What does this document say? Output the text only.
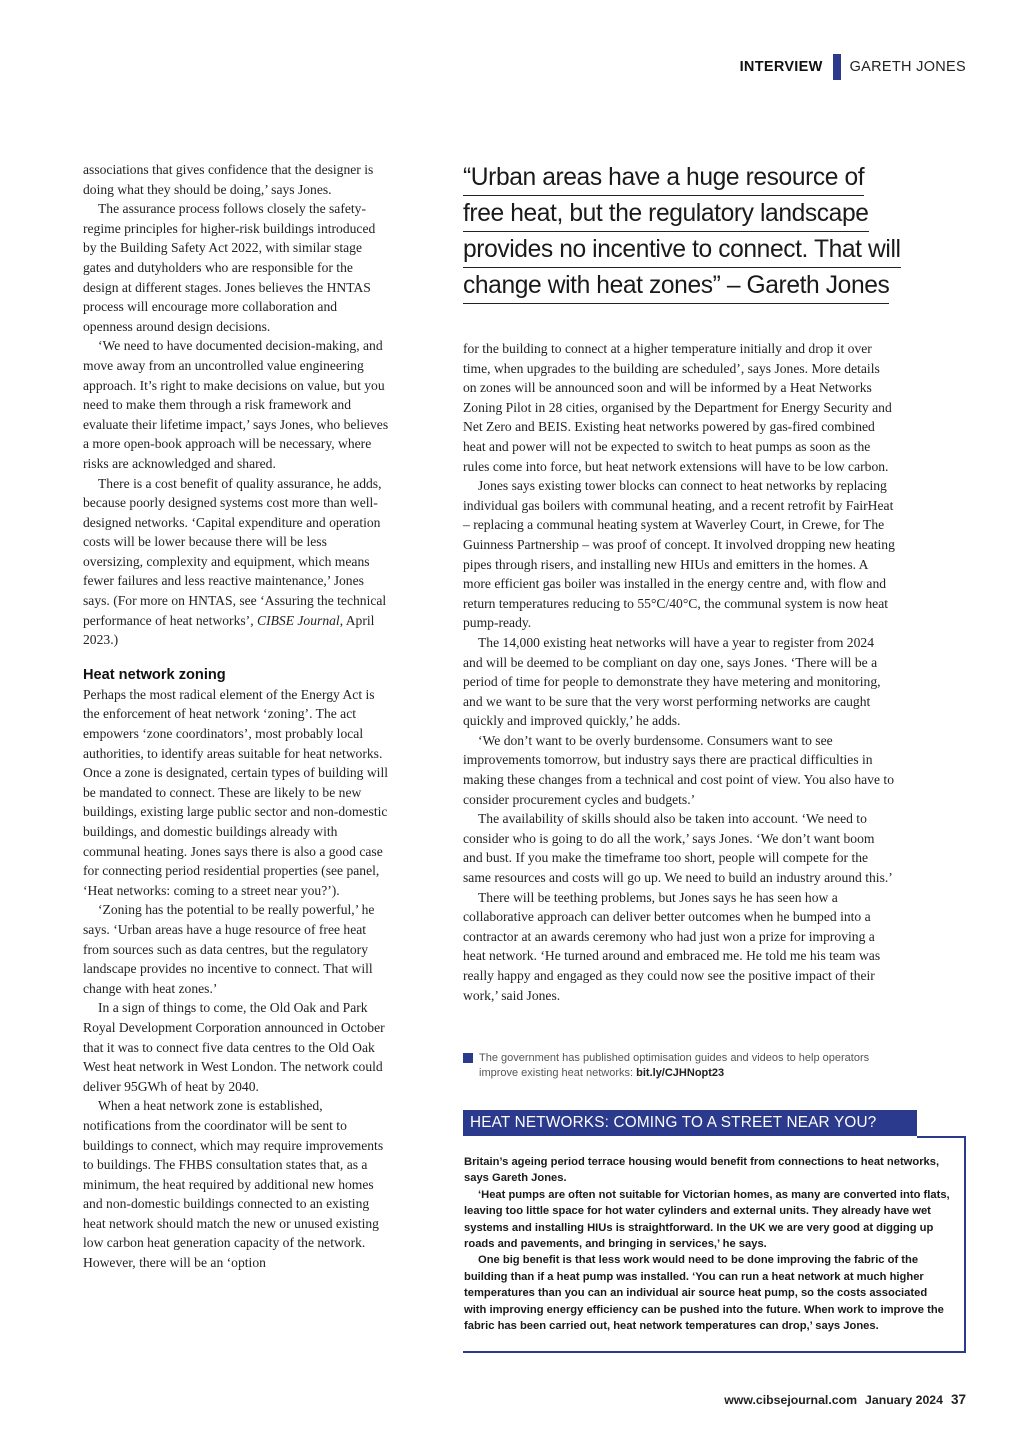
INTERVIEW GARETH JONES

associations that gives confidence that the designer is doing what they should be doing,’ says Jones.

The assurance process follows closely the safety-regime principles for higher-risk buildings introduced by the Building Safety Act 2022, with similar stage gates and dutyholders who are responsible for the design at different stages. Jones believes the HNTAS process will encourage more collaboration and openness around design decisions.

‘We need to have documented decision-making, and move away from an uncontrolled value engineering approach. It’s right to make decisions on value, but you need to make them through a risk framework and evaluate their lifetime impact,’ says Jones, who believes a more open-book approach will be necessary, where risks are acknowledged and shared.

There is a cost benefit of quality assurance, he adds, because poorly designed systems cost more than well-designed networks. ‘Capital expenditure and operation costs will be lower because there will be less oversizing, complexity and equipment, which means fewer failures and less reactive maintenance,’ Jones says. (For more on HNTAS, see ‘Assuring the technical performance of heat networks’, CIBSE Journal, April 2023.)

Heat network zoning

Perhaps the most radical element of the Energy Act is the enforcement of heat network ‘zoning’. The act empowers ‘zone coordinators’, most probably local authorities, to identify areas suitable for heat networks. Once a zone is designated, certain types of building will be mandated to connect. These are likely to be new buildings, existing large public sector and non-domestic buildings, and domestic buildings already with communal heating. Jones says there is also a good case for connecting period residential properties (see panel, ‘Heat networks: coming to a street near you?’).

‘Zoning has the potential to be really powerful,’ he says. ‘Urban areas have a huge resource of free heat from sources such as data centres, but the regulatory landscape provides no incentive to connect. That will change with heat zones.’

In a sign of things to come, the Old Oak and Park Royal Development Corporation announced in October that it was to connect five data centres to the Old Oak West heat network in West London. The network could deliver 95GWh of heat by 2040.

When a heat network zone is established, notifications from the coordinator will be sent to buildings to connect, which may require improvements to buildings. The FHBS consultation states that, as a minimum, the heat required by additional new homes and non-domestic buildings connected to an existing heat network should match the new or unused existing low carbon heat generation capacity of the network. However, there will be an ‘option

“Urban areas have a huge resource of
free heat, but the regulatory landscape
provides no incentive to connect. That will
change with heat zones” – Gareth Jones

for the building to connect at a higher temperature initially and drop it over time, when upgrades to the building are scheduled’, says Jones. More details on zones will be announced soon and will be informed by a Heat Networks Zoning Pilot in 28 cities, organised by the Department for Energy Security and Net Zero and BEIS. Existing heat networks powered by gas-fired combined heat and power will not be expected to switch to heat pumps as soon as the rules come into force, but heat network extensions will have to be low carbon.

Jones says existing tower blocks can connect to heat networks by replacing individual gas boilers with communal heating, and a recent retrofit by FairHeat – replacing a communal heating system at Waverley Court, in Crewe, for The Guinness Partnership – was proof of concept. It involved dropping new heating pipes through risers, and installing new HIUs and emitters in the homes. A more efficient gas boiler was installed in the energy centre and, with flow and return temperatures reducing to 55°C/40°C, the communal system is now heat pump-ready.

The 14,000 existing heat networks will have a year to register from 2024 and will be deemed to be compliant on day one, says Jones. ‘There will be a period of time for people to demonstrate they have metering and monitoring, and we want to be sure that the very worst performing networks are caught quickly and improved quickly,’ he adds.

‘We don’t want to be overly burdensome. Consumers want to see improvements tomorrow, but industry says there are practical difficulties in making these changes from a technical and cost point of view. You also have to consider procurement cycles and budgets.’

The availability of skills should also be taken into account. ‘We need to consider who is going to do all the work,’ says Jones. ‘We don’t want boom and bust. If you make the timeframe too short, people will compete for the same resources and costs will go up. We need to build an industry around this.’

There will be teething problems, but Jones says he has seen how a collaborative approach can deliver better outcomes when he bumped into a contractor at an awards ceremony who had just won a prize for improving a heat network. ‘He turned around and embraced me. He told me his team was really happy and engaged as they could now see the positive impact of their work,’ said Jones.

The government has published optimisation guides and videos to help operators improve existing heat networks: bit.ly/CJHNopt23
HEAT NETWORKS: COMING TO A STREET NEAR YOU?

Britain’s ageing period terrace housing would benefit from connections to heat networks, says Gareth Jones.

‘Heat pumps are often not suitable for Victorian homes, as many are converted into flats, leaving too little space for hot water cylinders and external units. They already have wet systems and installing HIUs is straightforward. In the UK we are very good at digging up roads and pavements, and bringing in services,’ he says.

One big benefit is that less work would need to be done improving the fabric of the building than if a heat pump was installed. ‘You can run a heat network at much higher temperatures than you can an individual air source heat pump, so the costs associated with improving energy efficiency can be pushed into the future. When work to improve the fabric has been carried out, heat network temperatures can drop,’ says Jones.

www.cibsejournal.com January 2024 37
